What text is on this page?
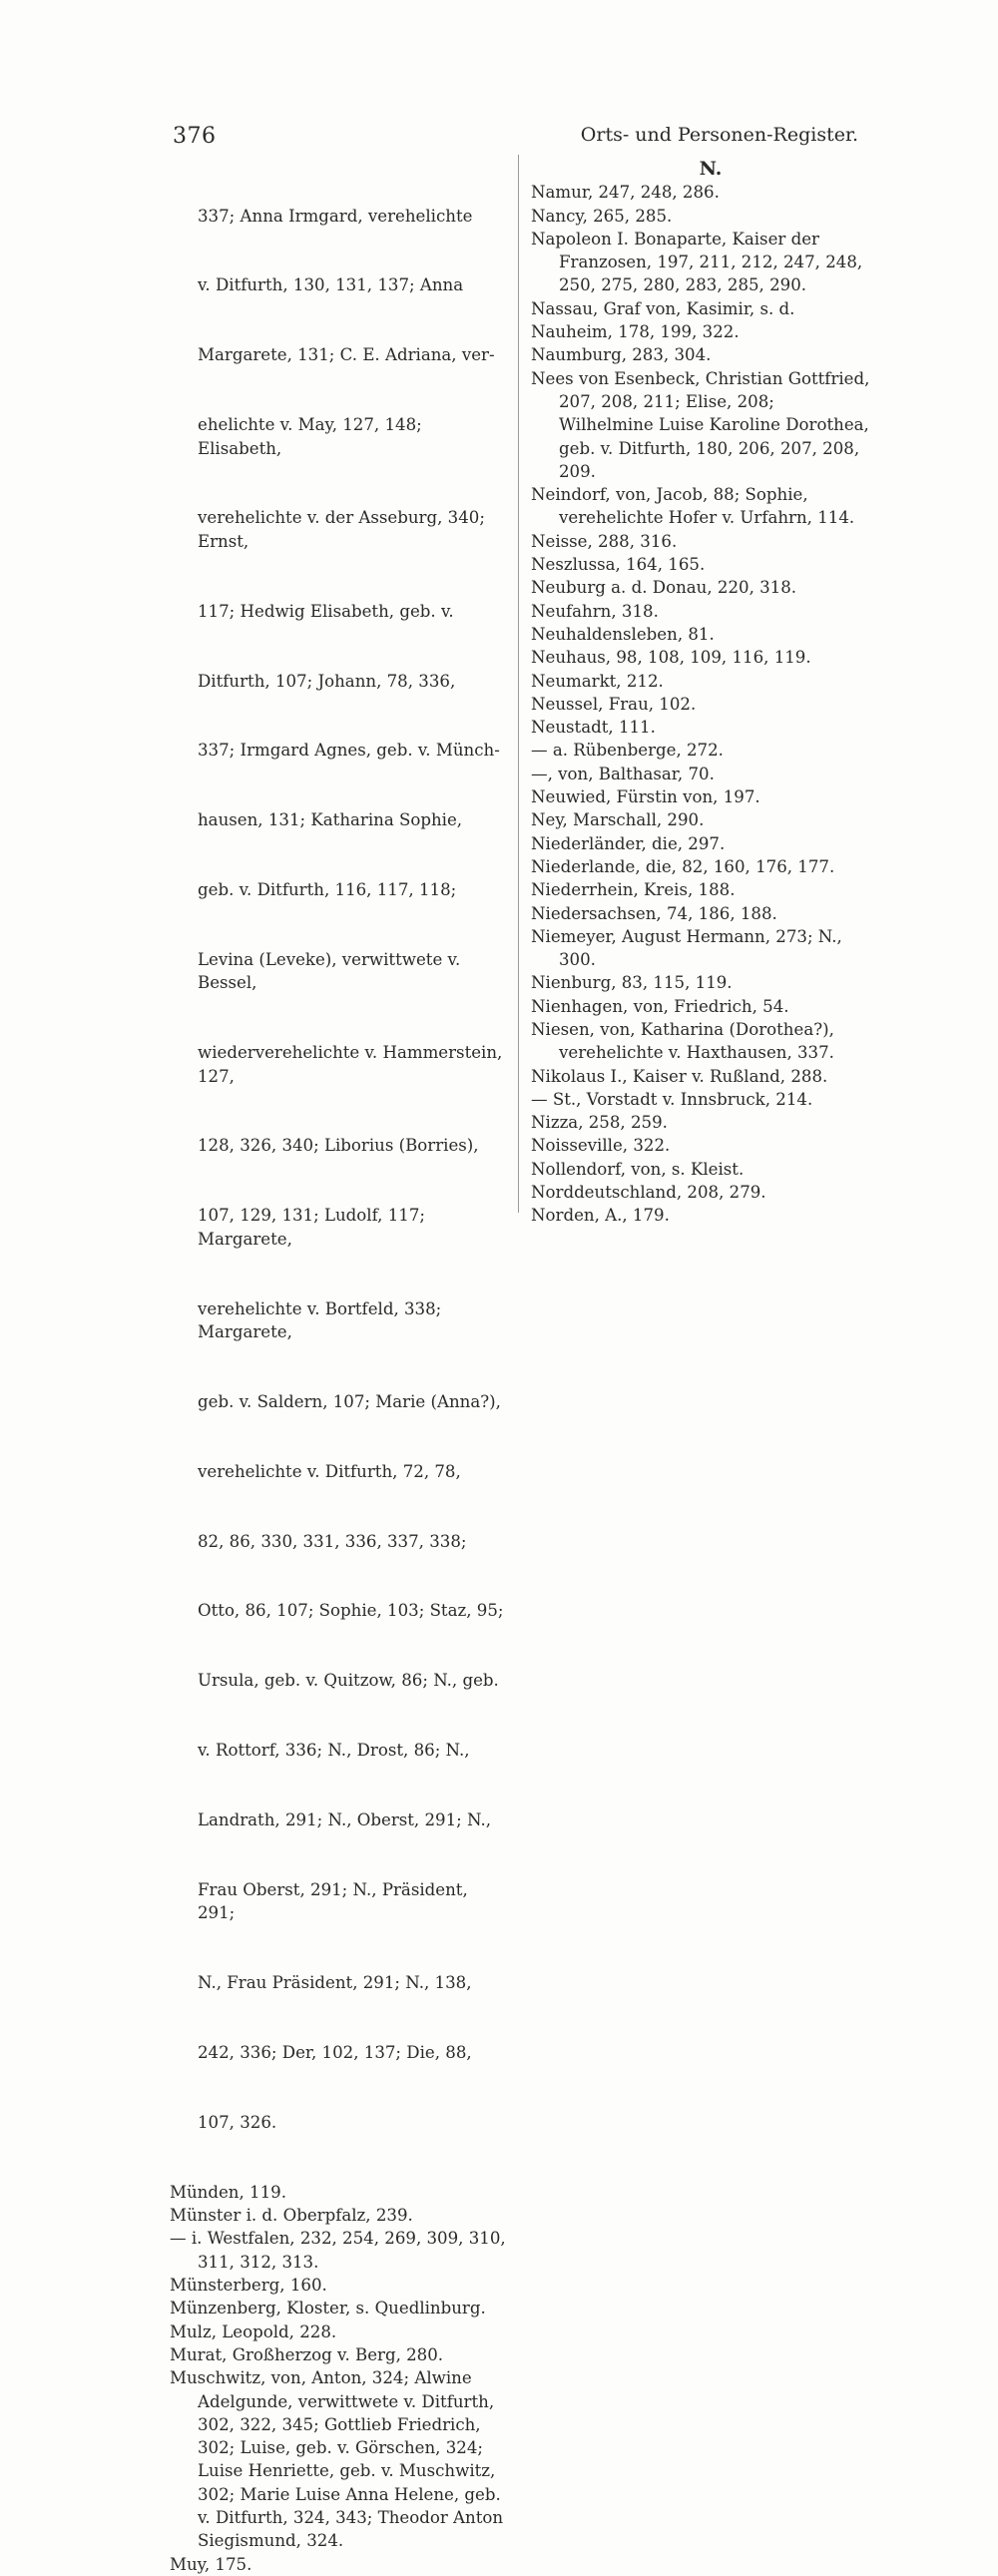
376	Orts- und Personen-Register.

337; Anna Irmgard, verehelichte

v. Ditfurth, 130, 131, 137; Anna

Margarete, 131; C. E. Adriana, ver-

ehelichte v. May, 127, 148; Elisabeth,

verehelichte v. der Asseburg, 340; Ernst,

117; Hedwig Elisabeth, geb. v.

Ditfurth, 107; Johann, 78, 336,

337; Irmgard Agnes, geb. v. Münch-

hausen, 131; Katharina Sophie,

geb. v. Ditfurth, 116, 117, 118;

Levina (Leveke), verwittwete v. Bessel,

wiederverehelichte v. Hammerstein, 127,

128, 326, 340; Liborius (Borries),

107, 129, 131; Ludolf, 117; Margarete,

verehelichte v. Bortfeld, 338; Margarete,

geb. v. Saldern, 107; Marie (Anna?),

verehelichte v. Ditfurth, 72, 78,

82, 86, 330, 331, 336, 337, 338;

Otto, 86, 107; Sophie, 103; Staz, 95;

Ursula, geb. v. Quitzow, 86; N., geb.

v. Rottorf, 336; N., Drost, 86; N.,

Landrath, 291; N., Oberst, 291; N.,

Frau Oberst, 291; N., Präsident, 291;

N., Frau Präsident, 291; N., 138,

242, 336; Der, 102, 137; Die, 88,

107, 326.

Münden, 119.
Münster i. d. Oberpfalz, 239.
— i. Westfalen, 232, 254, 269, 309, 310, 311, 312, 313.
Münsterberg, 160.
Münzenberg, Kloster, s. Quedlinburg.
Mulz, Leopold, 228.
Murat, Großherzog v. Berg, 280.
Muschwitz, von, Anton, 324; Alwine Adelgunde, verwittwete v. Ditfurth, 302, 322, 345; Gottlieb Friedrich, 302; Luise, geb. v. Görschen, 324; Luise Henriette, geb. v. Muschwitz, 302; Marie Luise Anna Helene, geb. v. Ditfurth, 324, 343; Theodor Anton Siegismund, 324.
Muy, 175.
N.
Namur, 247, 248, 286.
Nancy, 265, 285.
Napoleon I. Bonaparte, Kaiser der Franzosen, 197, 211, 212, 247, 248, 250, 275, 280, 283, 285, 290.
Nassau, Graf von, Kasimir, s. d.
Nauheim, 178, 199, 322.
Naumburg, 283, 304.
Nees von Esenbeck, Christian Gottfried, 207, 208, 211; Elise, 208; Wilhelmine Luise Karoline Dorothea, geb. v. Ditfurth, 180, 206, 207, 208, 209.
Neindorf, von, Jacob, 88; Sophie, verehelichte Hofer v. Urfahrn, 114.
Neisse, 288, 316.
Neszlussa, 164, 165.
Neuburg a. d. Donau, 220, 318.
Neufahrn, 318.
Neuhaldensleben, 81.
Neuhaus, 98, 108, 109, 116, 119.
Neumarkt, 212.
Neussel, Frau, 102.
Neustadt, 111.
— a. Rübenberge, 272.
—, von, Balthasar, 70.
Neuwied, Fürstin von, 197.
Ney, Marschall, 290.
Niederländer, die, 297.
Niederlande, die, 82, 160, 176, 177.
Niederrhein, Kreis, 188.
Niedersachsen, 74, 186, 188.
Niemeyer, August Hermann, 273; N., 300.
Nienburg, 83, 115, 119.
Nienhagen, von, Friedrich, 54.
Niesen, von, Katharina (Dorothea?), verehelichte v. Haxthausen, 337.
Nikolaus I., Kaiser v. Rußland, 288.
— St., Vorstadt v. Innsbruck, 214.
Nizza, 258, 259.
Noisseville, 322.
Nollendorf, von, s. Kleist.
Norddeutschland, 208, 279.
Norden, A., 179.
